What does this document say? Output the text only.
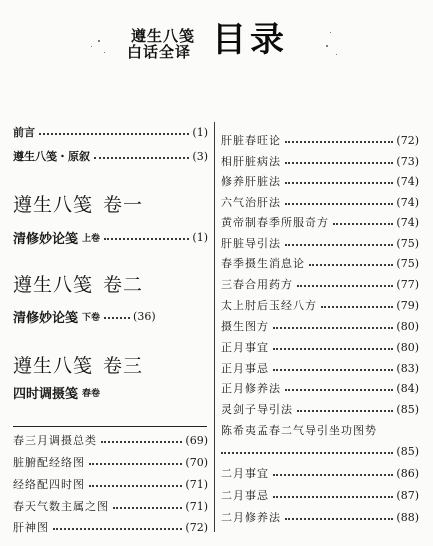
遵生八笺
白话全译 目录
前言	(1)
遵生八笺・原叙	(3)
遵生八笺 卷一
清修妙论笺 上卷	(1)
遵生八笺 卷二
清修妙论笺 下卷	(36)
遵生八笺 卷三
四时调摄笺 春卷
春三月调摄总类	(69)
脏腑配经络图	(70)
经络配四时图	(71)
春天气数主属之图	(71)
肝神图	(72)
肝脏春旺论	(72)
相肝脏病法	(73)
修养肝脏法	(74)
六气治肝法	(74)
黄帝制春季所服奇方	(74)
肝脏导引法	(75)
春季摄生消息论	(75)
三春合用药方	(77)
太上肘后玉经八方	(79)
摄生图方	(80)
正月事宜	(80)
正月事忌	(83)
正月修养法	(84)
灵剑子导引法	(85)
陈希夷孟春二气导引坐功图势
(85)
二月事宜	(86)
二月事忌	(87)
二月修养法	(88)
